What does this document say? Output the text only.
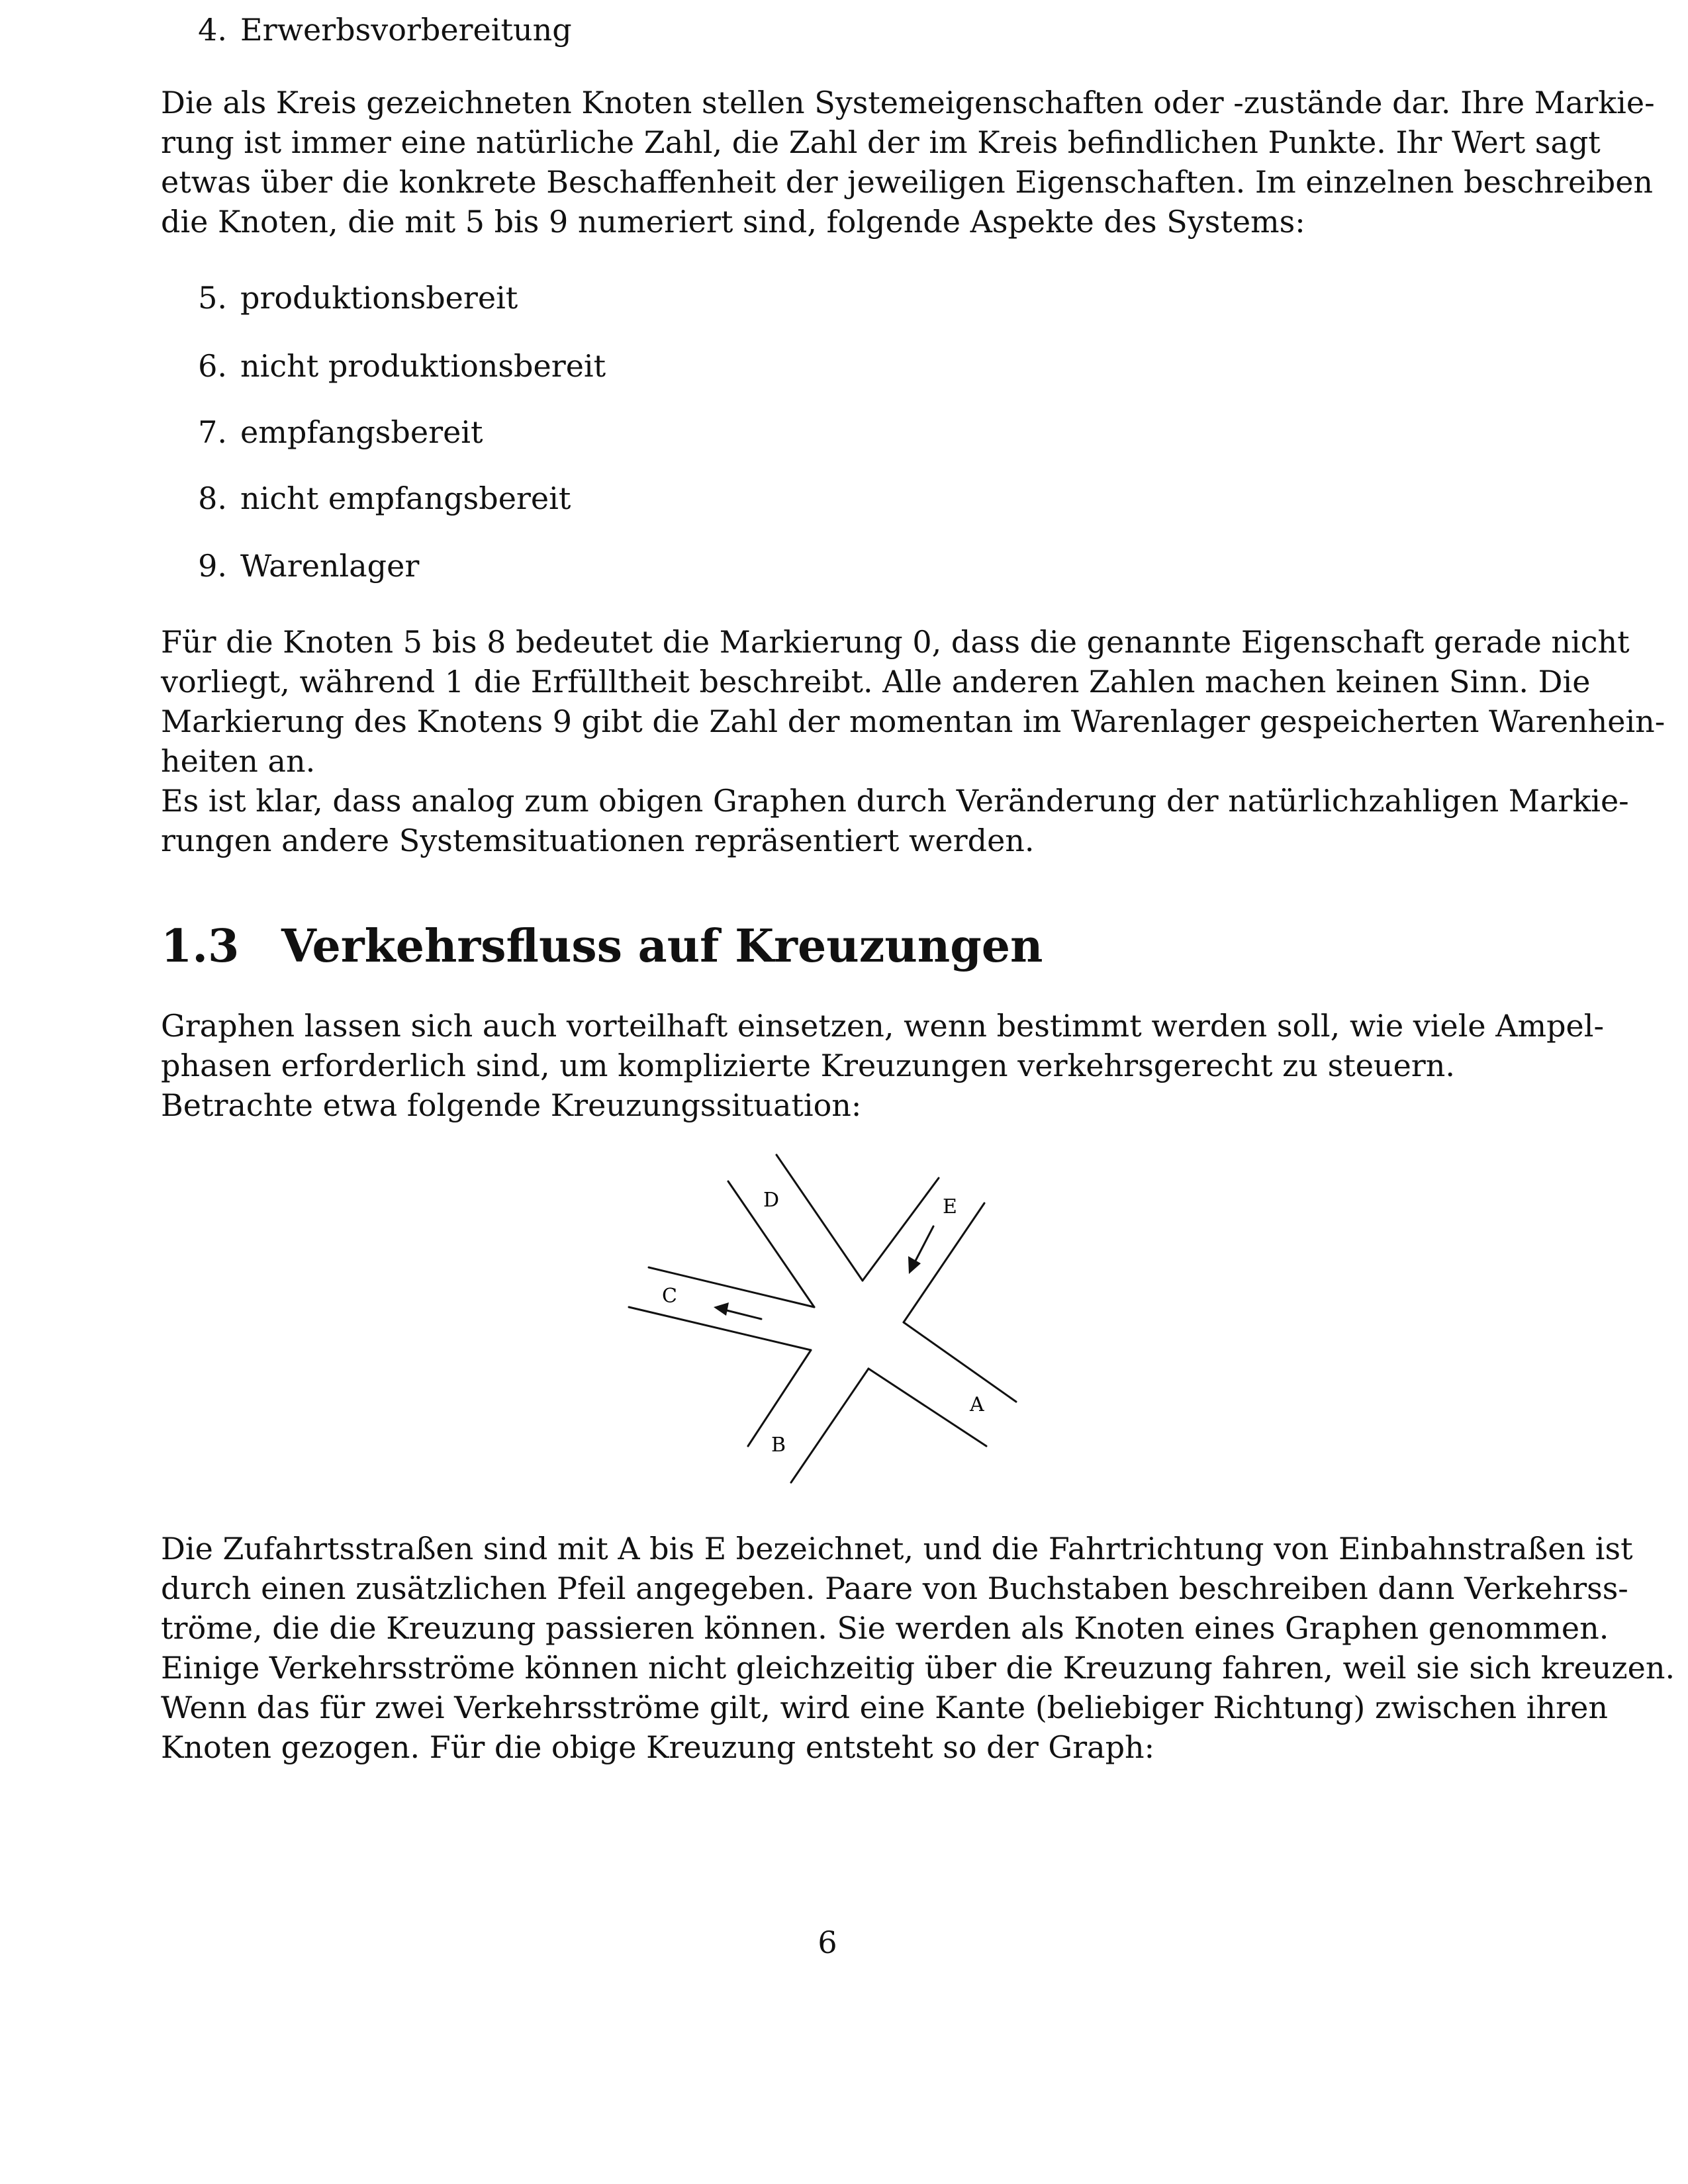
4. Erwerbsvorbereitung
Die als Kreis gezeichneten Knoten stellen Systemeigenschaften oder -zustände dar. Ihre Markie-
rung ist immer eine natürliche Zahl, die Zahl der im Kreis befindlichen Punkte. Ihr Wert sagt
etwas über die konkrete Beschaffenheit der jeweiligen Eigenschaften. Im einzelnen beschreiben
die Knoten, die mit 5 bis 9 numeriert sind, folgende Aspekte des Systems:
5. produktionsbereit
6. nicht produktionsbereit
7. empfangsbereit
8. nicht empfangsbereit
9. Warenlager
Für die Knoten 5 bis 8 bedeutet die Markierung 0, dass die genannte Eigenschaft gerade nicht
vorliegt, während 1 die Erfülltheit beschreibt. Alle anderen Zahlen machen keinen Sinn. Die
Markierung des Knotens 9 gibt die Zahl der momentan im Warenlager gespeicherten Warenhein-
heiten an.
Es ist klar, dass analog zum obigen Graphen durch Veränderung der natürlichzahligen Markie-
rungen andere Systemsituationen repräsentiert werden.
1.3 Verkehrsfluss auf Kreuzungen
Graphen lassen sich auch vorteilhaft einsetzen, wenn bestimmt werden soll, wie viele Ampel-
phasen erforderlich sind, um komplizierte Kreuzungen verkehrsgerecht zu steuern.
Betrachte etwa folgende Kreuzungssituation:
D	E
C
A
B
Die Zufahrtsstraßen sind mit A bis E bezeichnet, und die Fahrtrichtung von Einbahnstraßen ist
durch einen zusätzlichen Pfeil angegeben. Paare von Buchstaben beschreiben dann Verkehrss-
tröme, die die Kreuzung passieren können. Sie werden als Knoten eines Graphen genommen.
Einige Verkehrsströme können nicht gleichzeitig über die Kreuzung fahren, weil sie sich kreuzen.
Wenn das für zwei Verkehrsströme gilt, wird eine Kante (beliebiger Richtung) zwischen ihren
Knoten gezogen. Für die obige Kreuzung entsteht so der Graph:
6
